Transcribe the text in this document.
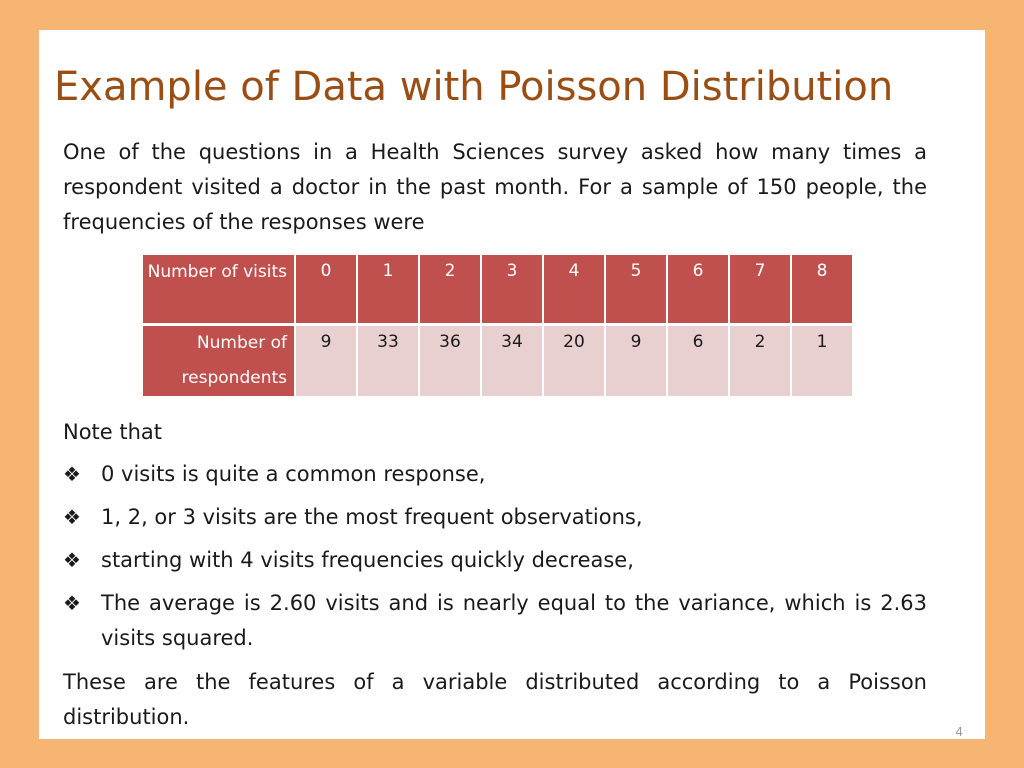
Example of Data with Poisson Distribution

One of the questions in a Health Sciences survey asked how many times a respondent visited a doctor in the past month. For a sample of 150 people, the frequencies of the responses were

Number of visits	0	1	2	3	4	5	6	7	8
Number of respondents	9	33	36	34	20	9	6	2	1

Note that

❖ 0 visits is quite a common response,
❖ 1, 2, or 3 visits are the most frequent observations,
❖ starting with 4 visits frequencies quickly decrease,
❖ The average is 2.60 visits and is nearly equal to the variance, which is 2.63 visits squared.

These are the features of a variable distributed according to a Poisson distribution.

4
